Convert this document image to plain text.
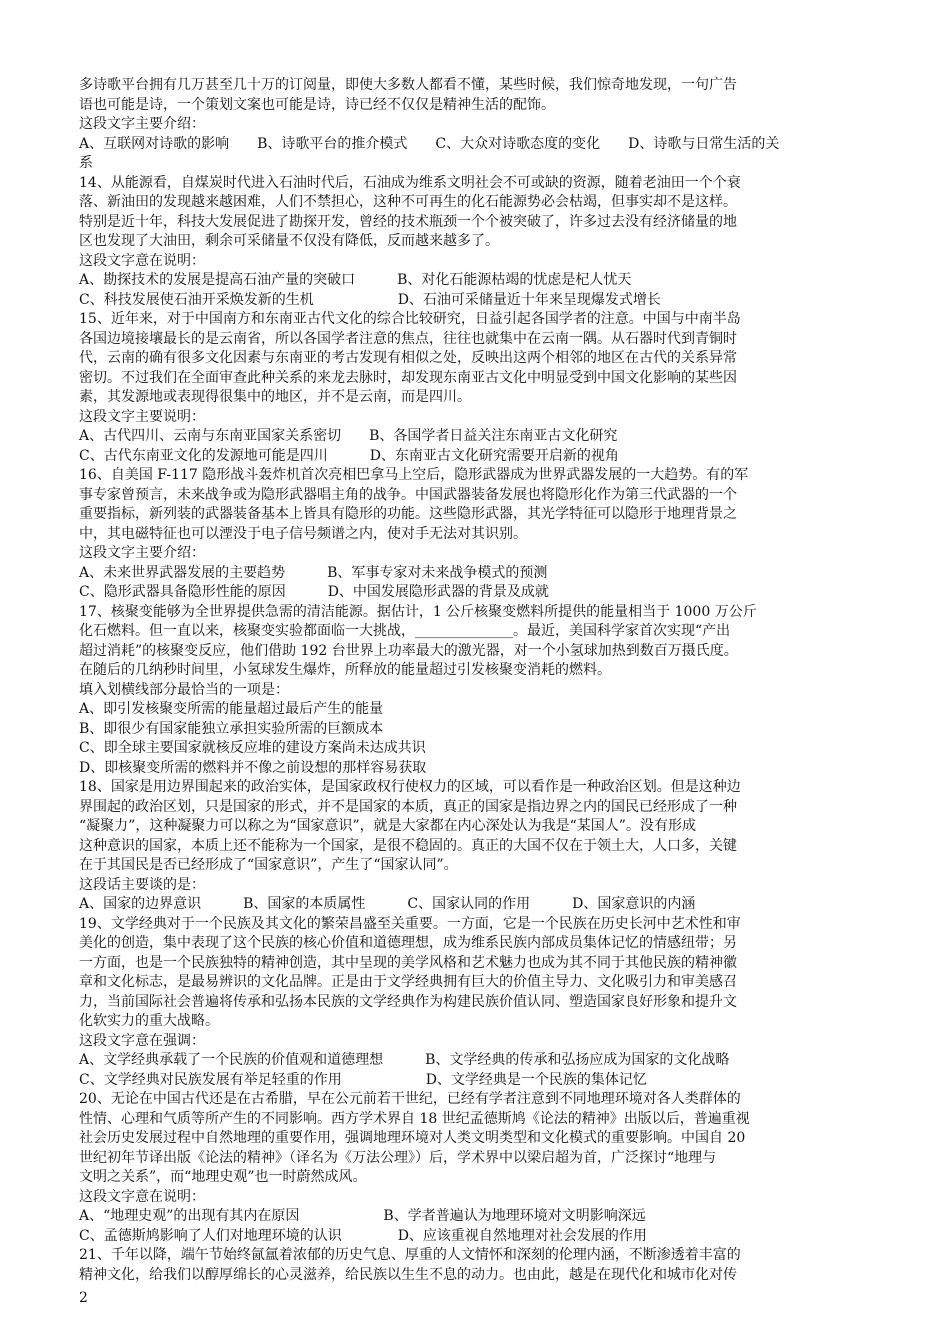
多诗歌平台拥有几万甚至几十万的订阅量，即使大多数人都看不懂，某些时候，我们惊奇地发现，一句广告

语也可能是诗，一个策划文案也可能是诗，诗已经不仅仅是精神生活的配饰。

这段文字主要介绍：

A、互联网对诗歌的影响　　B、诗歌平台的推介模式　　C、大众对诗歌态度的变化　　D、诗歌与日常生活的关

系

14、从能源看，自煤炭时代进入石油时代后，石油成为维系文明社会不可或缺的资源，随着老油田一个个衰

落、新油田的发现越来越困难，人们不禁担心，这种不可再生的化石能源势必会枯竭，但事实却不是这样。

特别是近十年，科技大发展促进了勘探开发，曾经的技术瓶颈一个个被突破了，许多过去没有经济储量的地

区也发现了大油田，剩余可采储量不仅没有降低，反而越来越多了。

这段文字意在说明：

A、勘探技术的发展是提高石油产量的突破口　　　B、对化石能源枯竭的忧虑是杞人忧天

C、科技发展使石油开采焕发新的生机　　　　　　D、石油可采储量近十年来呈现爆发式增长

15、近年来，对于中国南方和东南亚古代文化的综合比较研究，日益引起各国学者的注意。中国与中南半岛

各国边境接壤最长的是云南省，所以各国学者注意的焦点，往往也就集中在云南一隅。从石器时代到青铜时

代，云南的确有很多文化因素与东南亚的考古发现有相似之处，反映出这两个相邻的地区在古代的关系异常

密切。不过我们在全面审查此种关系的来龙去脉时，却发现东南亚古文化中明显受到中国文化影响的某些因

素，其发源地或表现得很集中的地区，并不是云南，而是四川。

这段文字主要说明：

A、古代四川、云南与东南亚国家关系密切　　B、各国学者日益关注东南亚古文化研究

C、古代东南亚文化的发源地可能是四川　　　D、东南亚古文化研究需要开启新的视角

16、自美国 F-117 隐形战斗轰炸机首次亮相巴拿马上空后，隐形武器成为世界武器发展的一大趋势。有的军

事专家曾预言，未来战争或为隐形武器唱主角的战争。中国武器装备发展也将隐形化作为第三代武器的一个

重要指标，新列装的武器装备基本上皆具有隐形的功能。这些隐形武器，其光学特征可以隐形于地理背景之

中，其电磁特征也可以湮没于电子信号频谱之内，使对手无法对其识别。

这段文字主要介绍：

A、未来世界武器发展的主要趋势　　　B、军事专家对未来战争模式的预测

C、隐形武器具备隐形性能的原因　　　D、中国发展隐形武器的背景及成就

17、核聚变能够为全世界提供急需的清洁能源。据估计，1 公斤核聚变燃料所提供的能量相当于 1000 万公斤

化石燃料。但一直以来，核聚变实验都面临一大挑战，______________。最近，美国科学家首次实现“产出

超过消耗”的核聚变反应，他们借助 192 台世界上功率最大的激光器，对一个小氢球加热到数百万摄氏度。

在随后的几纳秒时间里，小氢球发生爆炸，所释放的能量超过引发核聚变消耗的燃料。

填入划横线部分最恰当的一项是：

A、即引发核聚变所需的能量超过最后产生的能量

B、即很少有国家能独立承担实验所需的巨额成本

C、即全球主要国家就核反应堆的建设方案尚未达成共识

D、即核聚变所需的燃料并不像之前设想的那样容易获取

18、国家是用边界围起来的政治实体，是国家政权行使权力的区域，可以看作是一种政治区划。但是这种边

界围起的政治区划，只是国家的形式，并不是国家的本质，真正的国家是指边界之内的国民已经形成了一种

“凝聚力”，这种凝聚力可以称之为“国家意识”，就是大家都在内心深处认为我是“某国人”。没有形成

这种意识的国家，本质上还不能称为一个国家，是很不稳固的。真正的大国不仅在于领土大，人口多，关键

在于其国民是否已经形成了“国家意识”，产生了“国家认同”。

这段话主要谈的是：

A、国家的边界意识　　　B、国家的本质属性　　　C、国家认同的作用　　　D、国家意识的内涵

19、文学经典对于一个民族及其文化的繁荣昌盛至关重要。一方面，它是一个民族在历史长河中艺术性和审

美化的创造，集中表现了这个民族的核心价值和道德理想，成为维系民族内部成员集体记忆的情感纽带；另

一方面，也是一个民族独特的精神创造，其中呈现的美学风格和艺术魅力也成为其不同于其他民族的精神徽

章和文化标志，是最易辨识的文化品牌。正是由于文学经典拥有巨大的价值主导力、文化吸引力和审美感召

力，当前国际社会普遍将传承和弘扬本民族的文学经典作为构建民族价值认同、塑造国家良好形象和提升文

化软实力的重大战略。

这段文字意在强调：

A、文学经典承载了一个民族的价值观和道德理想　　　B、文学经典的传承和弘扬应成为国家的文化战略

C、文学经典对民族发展有举足轻重的作用　　　　　　D、文学经典是一个民族的集体记忆

20、无论在中国古代还是在古希腊，早在公元前若干世纪，已经有学者注意到不同地理环境对各人类群体的

性情、心理和气质等所产生的不同影响。西方学术界自 18 世纪孟德斯鸠《论法的精神》出版以后，普遍重视

社会历史发展过程中自然地理的重要作用，强调地理环境对人类文明类型和文化模式的重要影响。中国自 20

世纪初年节译出版《论法的精神》（译名为《万法公理》）后，学术界中以梁启超为首，广泛探讨“地理与

文明之关系”，而“地理史观”也一时蔚然成风。

这段文字意在说明：

A、“地理史观”的出现有其内在原因　　　　　　B、学者普遍认为地理环境对文明影响深远

C、孟德斯鸠影响了人们对地理环境的认识　　　　D、应该重视自然地理对社会发展的作用

21、千年以降，端午节始终氤氲着浓郁的历史气息、厚重的人文情怀和深刻的伦理内涵，不断渗透着丰富的

精神文化，给我们以醇厚绵长的心灵滋养，给民族以生生不息的动力。也由此，越是在现代化和城市化对传

2
